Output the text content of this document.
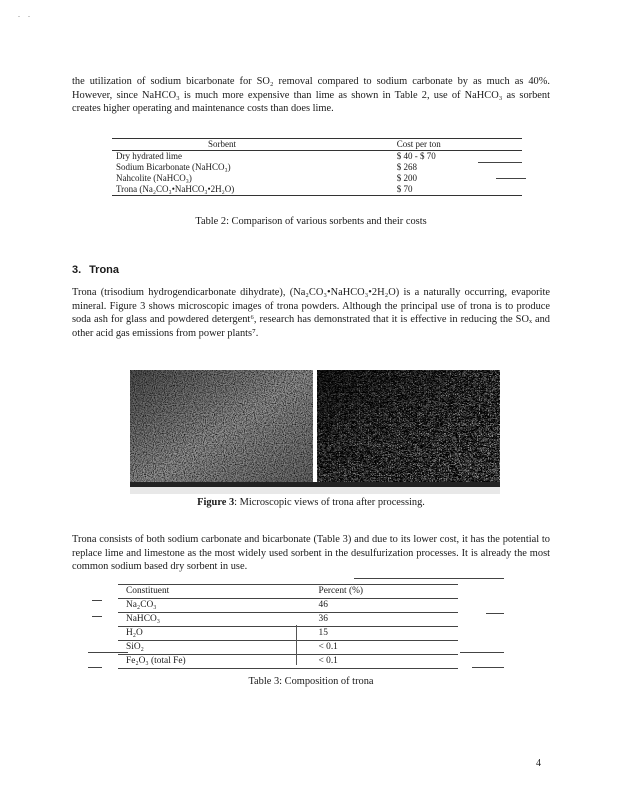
. .

the utilization of sodium bicarbonate for SO₂ removal compared to sodium carbonate by as much as 40%. However, since NaHCO₃ is much more expensive than lime as shown in Table 2, use of NaHCO₃ as sorbent creates higher operating and maintenance costs than does lime.

Sorbent	Cost per ton
Dry hydrated lime	$ 40 - $ 70
Sodium Bicarbonate (NaHCO₃)	$ 268
Nahcolite (NaHCO₃)	$ 200
Trona (Na₂CO₃•NaHCO₃•2H₂O)	$ 70
Table 2: Comparison of various sorbents and their costs
3. Trona

Trona (trisodium hydrogendicarbonate dihydrate), (Na₂CO₃•NaHCO₃•2H₂O) is a naturally occurring, evaporite mineral. Figure 3 shows microscopic images of trona powders. Although the principal use of trona is to produce soda ash for glass and powdered detergent⁶, research has demonstrated that it is effective in reducing the SOₓ and other acid gas emissions from power plants⁷.

Figure 3: Microscopic views of trona after processing.

Trona consists of both sodium carbonate and bicarbonate (Table 3) and due to its lower cost, it has the potential to replace lime and limestone as the most widely used sorbent in the desulfurization processes. It is already the most common sodium based dry sorbent in use.

Constituent	Percent (%)
Na₂CO₃	46
NaHCO₃	36
H₂O	15
SiO₂	< 0.1
Fe₂O₃ (total Fe)	< 0.1
Table 3: Composition of trona
4
